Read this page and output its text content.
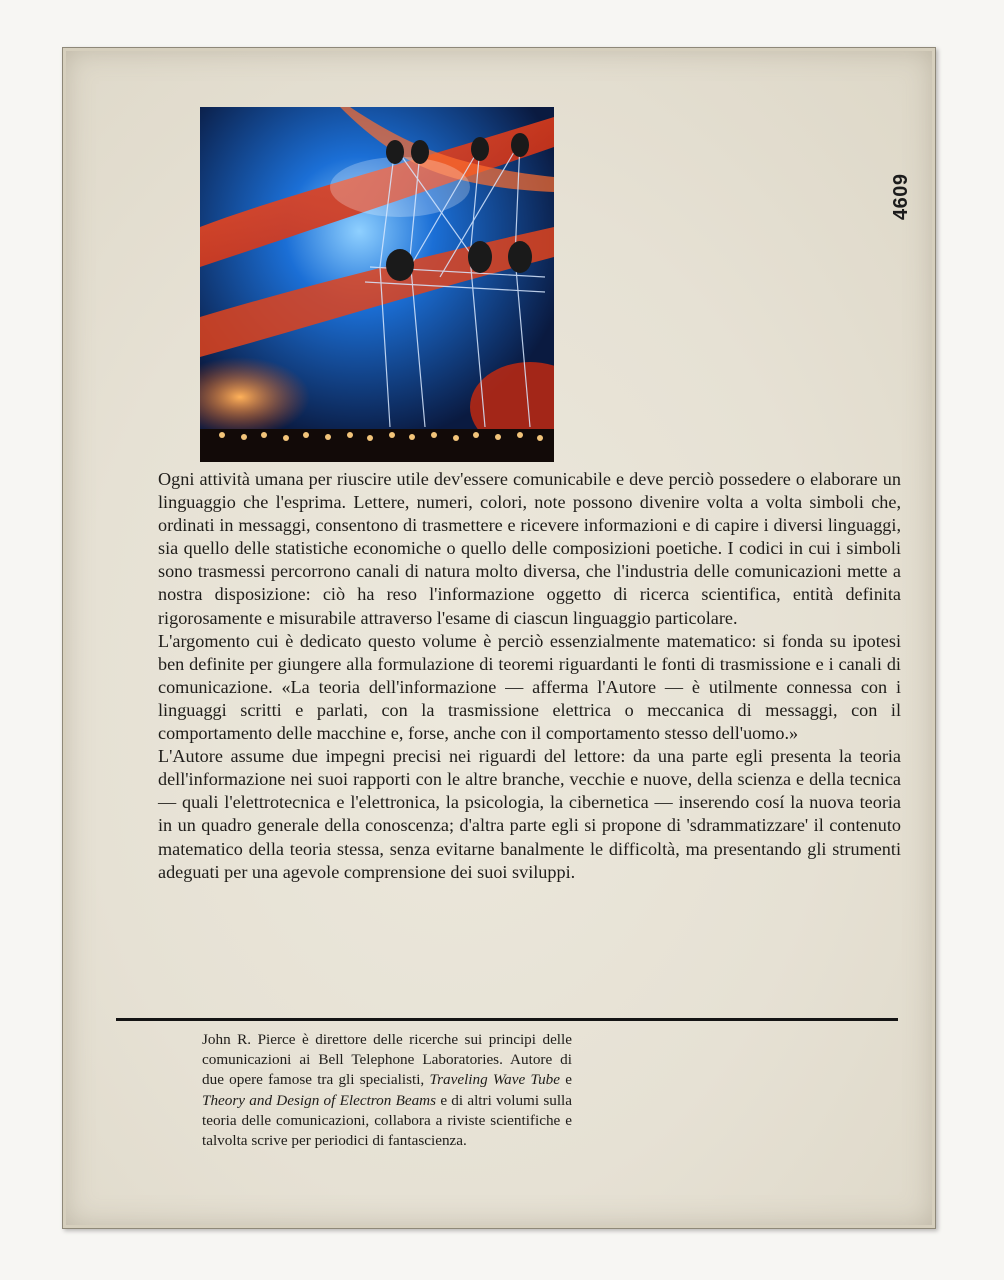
4609

Ogni attività umana per riuscire utile dev'essere comunicabile e deve perciò possedere o elaborare un linguaggio che l'esprima. Lettere, numeri, colori, note possono divenire volta a volta simboli che, ordinati in messaggi, consentono di trasmettere e ricevere informazioni e di capire i diversi linguaggi, sia quello delle statistiche economiche o quello delle composizioni poetiche. I codici in cui i simboli sono trasmessi percorrono canali di natura molto diversa, che l'industria delle comunicazioni mette a nostra disposizione: ciò ha reso l'informazione oggetto di ricerca scientifica, entità definita rigorosamente e misurabile attraverso l'esame di ciascun linguaggio particolare.

L'argomento cui è dedicato questo volume è perciò essenzialmente matematico: si fonda su ipotesi ben definite per giungere alla formulazione di teoremi riguardanti le fonti di trasmissione e i canali di comunicazione. «La teoria dell'informazione — afferma l'Autore — è utilmente connessa con i linguaggi scritti e parlati, con la trasmissione elettrica o meccanica di messaggi, con il comportamento delle macchine e, forse, anche con il comportamento stesso dell'uomo.»

L'Autore assume due impegni precisi nei riguardi del lettore: da una parte egli presenta la teoria dell'informazione nei suoi rapporti con le altre branche, vecchie e nuove, della scienza e della tecnica — quali l'elettrotecnica e l'elettronica, la psicologia, la cibernetica — inserendo cosí la nuova teoria in un quadro generale della conoscenza; d'altra parte egli si propone di 'sdrammatizzare' il contenuto matematico della teoria stessa, senza evitarne banalmente le difficoltà, ma presentando gli strumenti adeguati per una agevole comprensione dei suoi sviluppi.

John R. Pierce è direttore delle ricerche sui principi delle comunicazioni ai Bell Telephone Laboratories. Autore di due opere famose tra gli specialisti, Traveling Wave Tube e Theory and Design of Electron Beams e di altri volumi sulla teoria delle comunicazioni, collabora a riviste scientifiche e talvolta scrive per periodici di fantascienza.
